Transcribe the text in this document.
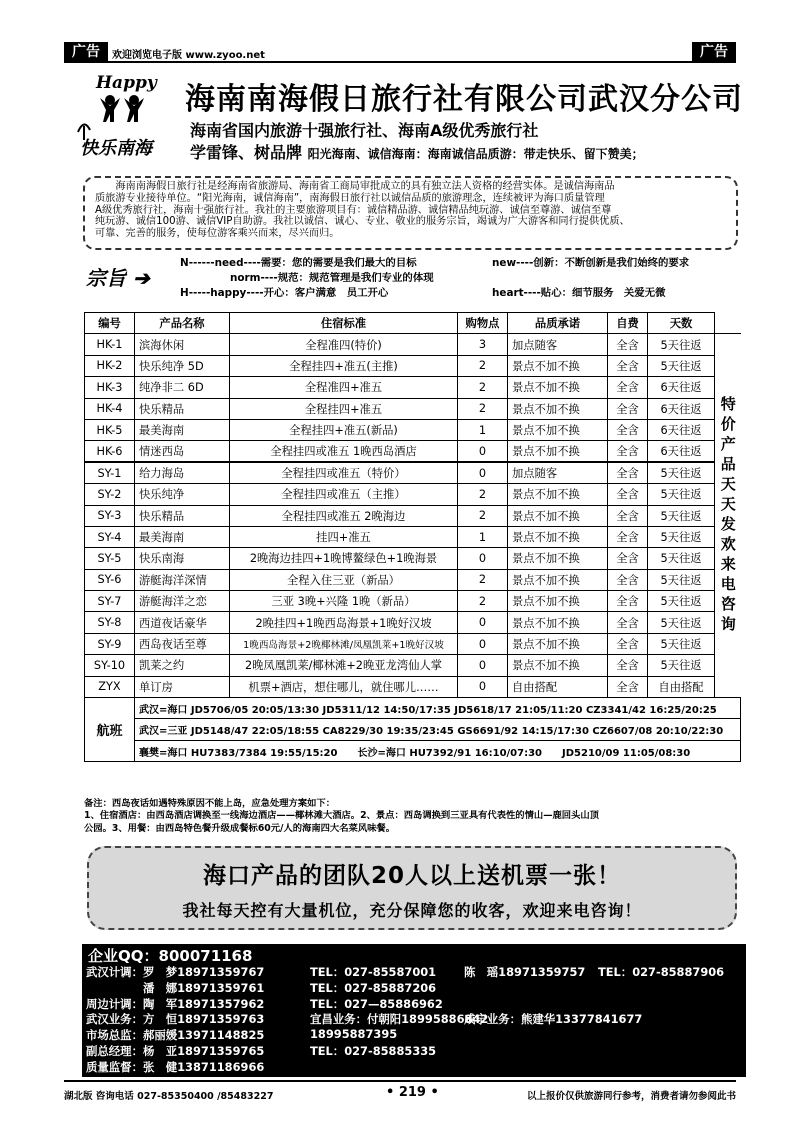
广告	欢迎浏览电子版 www.zyoo.net	广告
Happy
快乐南海
海南南海假日旅行社有限公司武汉分公司
海南省国内旅游十强旅行社、海南A级优秀旅行社
学雷锋、树品牌 阳光海南、诚信海南：海南诚信品质游：带走快乐、留下赞美；
　　海南南海假日旅行社是经海南省旅游局、海南省工商局审批成立的具有独立法人资格的经营实体。是诚信海南品
质旅游专业接待单位。“阳光海南，诚信海南”，南海假日旅行社以诚信品质的旅游理念，连续被评为海口质量管理
A级优秀旅行社，海南十强旅行社。我社的主要旅游项目有：诚信精品游、诚信精品纯玩游、诚信至尊游、诚信至尊
纯玩游、诚信100游、诚信VIP自助游。我社以诚信、诚心、专业、敬业的服务宗旨，竭诚为广大游客和同行提供优质、
可靠、完善的服务，使每位游客乘兴而来，尽兴而归。
宗旨 ➔
N------need----需要：您的需要是我们最大的目标	new----创新：不断创新是我们始终的要求
norm----规范：规范管理是我们专业的体现
H-----happy----开心：客户满意　员工开心	heart----贴心：细节服务　关爱无微
编号	产品名称	住宿标准	购物点	品质承诺	自费	天数	
HK-1	滨海休闲	全程准四(特价)	3	加点随客	全含	5天往返	特价产品天天发欢来电咨询

HK-2	快乐纯净 5D	全程挂四+准五(主推)	2	景点不加不换	全含	5天往返	
HK-3	纯净非二 6D	全程准四+准五	2	景点不加不换	全含	6天往返	
HK-4	快乐精品	全程挂四+准五	2	景点不加不换	全含	6天往返	
HK-5	最美海南	全程挂四+准五(新品)	1	景点不加不换	全含	6天往返	
HK-6	情迷西岛	全程挂四或准五 1晚西岛酒店	0	景点不加不换	全含	6天往返	
SY-1	给力海岛	全程挂四或准五（特价）	0	加点随客	全含	5天往返	
SY-2	快乐纯净	全程挂四或准五（主推）	2	景点不加不换	全含	5天往返	
SY-3	快乐精品	全程挂四或准五 2晚海边	2	景点不加不换	全含	5天往返	
SY-4	最美海南	挂四+准五	1	景点不加不换	全含	5天往返	
SY-5	快乐南海	2晚海边挂四+1晚博鳌绿色+1晚海景	0	景点不加不换	全含	5天往返	
SY-6	游艇海洋深情	全程入住三亚（新品）	2	景点不加不换	全含	5天往返	
SY-7	游艇海洋之恋	三亚 3晚+兴隆 1晚（新品）	2	景点不加不换	全含	5天往返	
SY-8	西道夜话豪华	2晚挂四+1晚西岛海景+1晚好汉坡	0	景点不加不换	全含	5天往返	
SY-9	西岛夜话至尊	1晚西岛海景+2晚椰林滩/凤凰凯莱+1晚好汉坡	0	景点不加不换	全含	5天往返	
SY-10	凯莱之约	2晚凤凰凯莱/椰林滩+2晚亚龙湾仙人掌	0	景点不加不换	全含	5天往返	
ZYX	单订房	机票+酒店，想住哪儿，就住哪儿……	0	自由搭配	全含	自由搭配	
航班	武汉=海口 JD5706/05 20:05/13:30 JD5311/12 14:50/17:35 JD5618/17 21:05/11:20 CZ3341/42 16:25/20:25						
	武汉=三亚 JD5148/47 22:05/18:55 CA8229/30 19:35/23:45 GS6691/92 14:15/17:30 CZ6607/08 20:10/22:30						
	襄樊=海口 HU7383/7384 19:55/15:20　　长沙=海口 HU7392/91 16:10/07:30　　JD5210/09 11:05/08:30						
备注：西岛夜话如遇特殊原因不能上岛，应急处理方案如下：
1、住宿酒店：由西岛酒店调换至一线海边酒店——椰林滩大酒店。2、景点：西岛调换到三亚具有代表性的情山—鹿回头山顶
公园。3、用餐：由西岛特色餐升级成餐标60元/人的海南四大名菜风味餐。
海口产品的团队20人以上送机票一张！
我社每天控有大量机位，充分保障您的收客，欢迎来电咨询！
企业QQ：800071168
武汉计调：罗　梦18971359767	TEL：027-85587001 陈　瑶18971359757 TEL：027-85887906
　　　　　潘　娜18971359761	TEL：027-85887206
周边计调：陶　军18971357962	TEL：027—85886962
武汉业务：方　恒18971359763	宜昌业务：付朝阳18995886842
咸宁业务：熊建华13377841677
市场总监：郝丽媛13971148825	18995887395
副总经理：杨　亚18971359765	TEL：027-85885335
质量监督：张　健13871186966
湖北版 咨询电话 027-85350400 /85483227	• 219 •	以上报价仅供旅游同行参考，消费者请勿参阅此书
